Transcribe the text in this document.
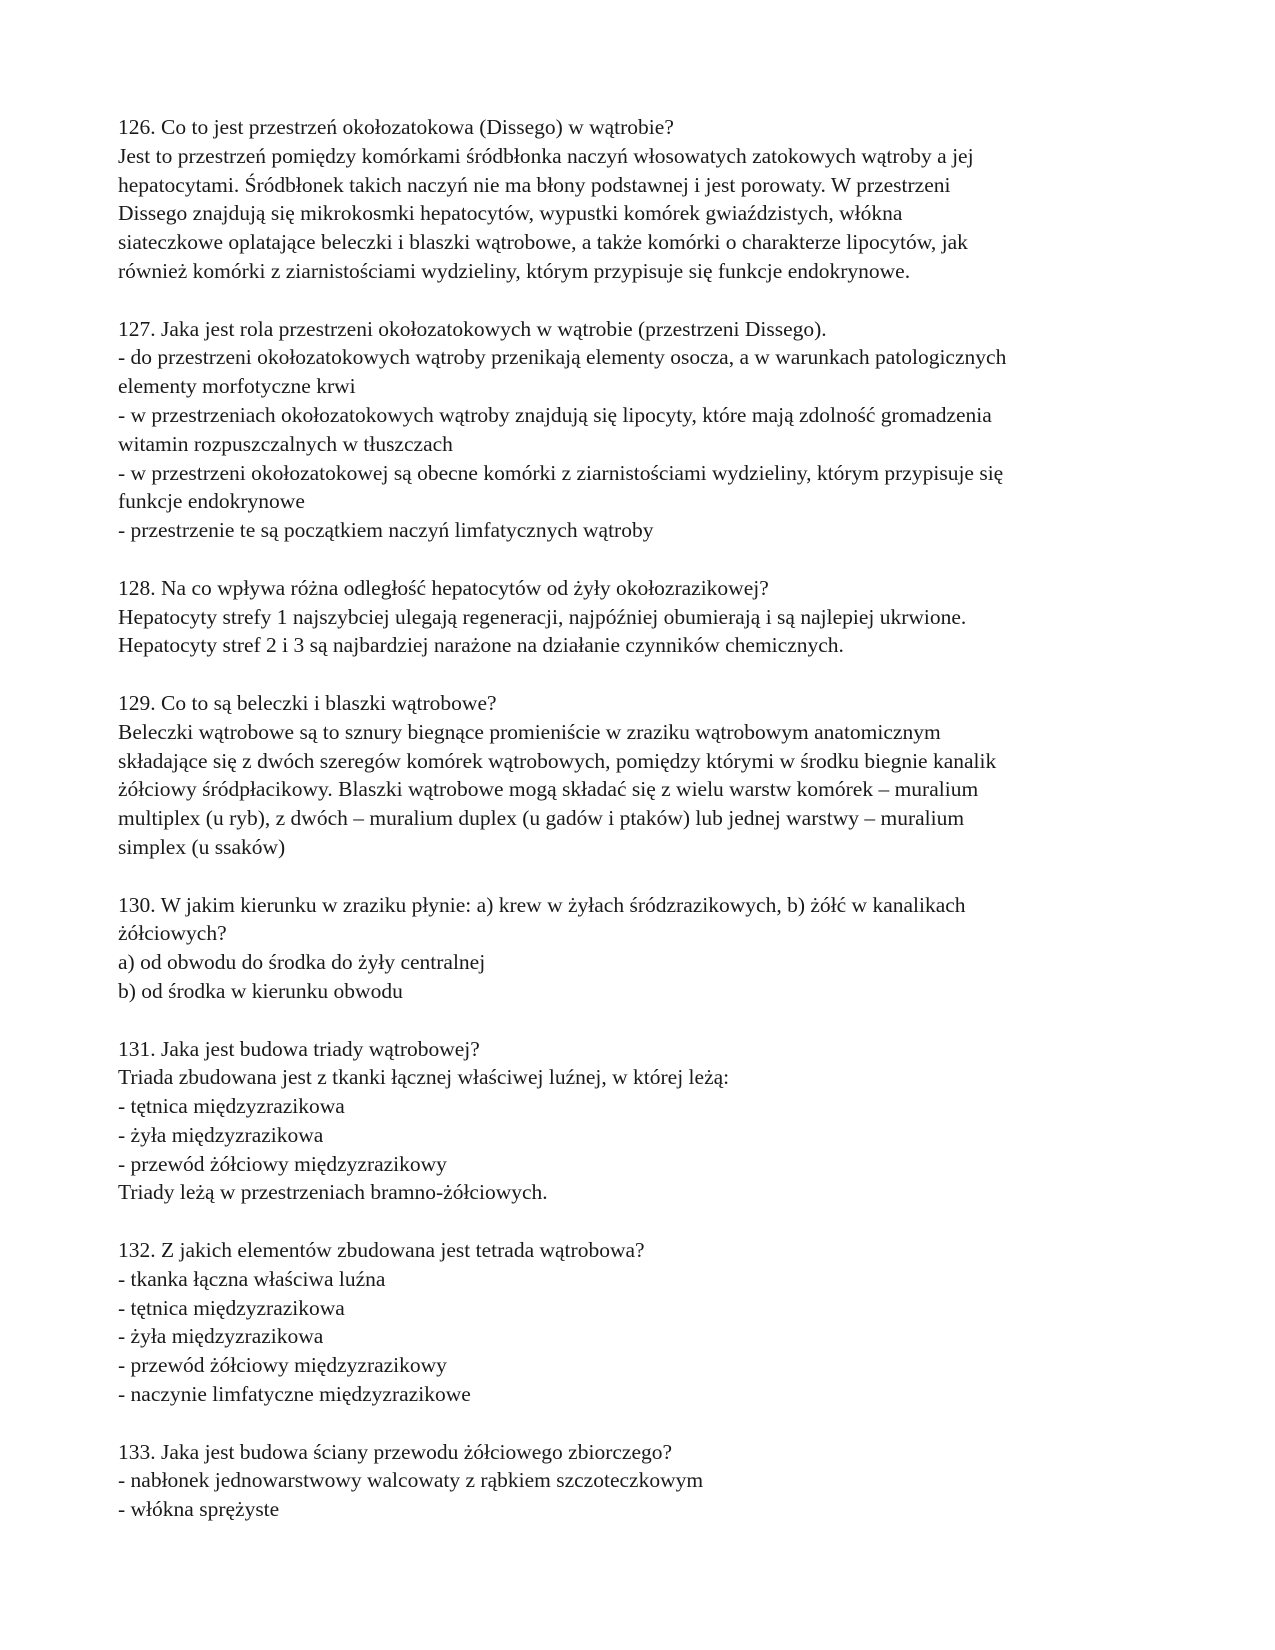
126. Co to jest przestrzeń okołozatokowa (Dissego) w wątrobie?
Jest to przestrzeń pomiędzy komórkami śródbłonka naczyń włosowatych zatokowych wątroby a jej
hepatocytami. Śródbłonek takich naczyń nie ma błony podstawnej i jest porowaty. W przestrzeni
Dissego znajdują się mikrokosmki hepatocytów, wypustki komórek gwiaździstych, włókna
siateczkowe oplatające beleczki i blaszki wątrobowe, a także komórki o charakterze lipocytów, jak
również komórki z ziarnistościami wydzieliny, którym przypisuje się funkcje endokrynowe.
127. Jaka jest rola przestrzeni okołozatokowych w wątrobie (przestrzeni Dissego).
- do przestrzeni okołozatokowych wątroby przenikają elementy osocza, a w warunkach patologicznych
elementy morfotyczne krwi
- w przestrzeniach okołozatokowych wątroby znajdują się lipocyty, które mają zdolność gromadzenia
witamin rozpuszczalnych w tłuszczach
- w przestrzeni okołozatokowej są obecne komórki z ziarnistościami wydzieliny, którym przypisuje się
funkcje endokrynowe
- przestrzenie te są początkiem naczyń limfatycznych wątroby
128. Na co wpływa różna odległość hepatocytów od żyły okołozrazikowej?
Hepatocyty strefy 1 najszybciej ulegają regeneracji, najpóźniej obumierają i są najlepiej ukrwione.
Hepatocyty stref 2 i 3 są najbardziej narażone na działanie czynników chemicznych.
129. Co to są beleczki i blaszki wątrobowe?
Beleczki wątrobowe są to sznury biegnące promieniście w zraziku wątrobowym anatomicznym
składające się z dwóch szeregów komórek wątrobowych, pomiędzy którymi w środku biegnie kanalik
żółciowy śródpłacikowy. Blaszki wątrobowe mogą składać się z wielu warstw komórek – muralium
multiplex (u ryb), z dwóch – muralium duplex (u gadów i ptaków) lub jednej warstwy – muralium
simplex (u ssaków)
130. W jakim kierunku w zraziku płynie: a) krew w żyłach śródzrazikowych, b) żółć w kanalikach
żółciowych?
a) od obwodu do środka do żyły centralnej
b) od środka w kierunku obwodu
131. Jaka jest budowa triady wątrobowej?
Triada zbudowana jest z tkanki łącznej właściwej luźnej, w której leżą:
- tętnica międzyzrazikowa
- żyła międzyzrazikowa
- przewód żółciowy międzyzrazikowy
Triady leżą w przestrzeniach bramno-żółciowych.
132. Z jakich elementów zbudowana jest tetrada wątrobowa?
- tkanka łączna właściwa luźna
- tętnica międzyzrazikowa
- żyła międzyzrazikowa
- przewód żółciowy międzyzrazikowy
- naczynie limfatyczne międzyzrazikowe
133. Jaka jest budowa ściany przewodu żółciowego zbiorczego?
- nabłonek jednowarstwowy walcowaty z rąbkiem szczoteczkowym
- włókna sprężyste
